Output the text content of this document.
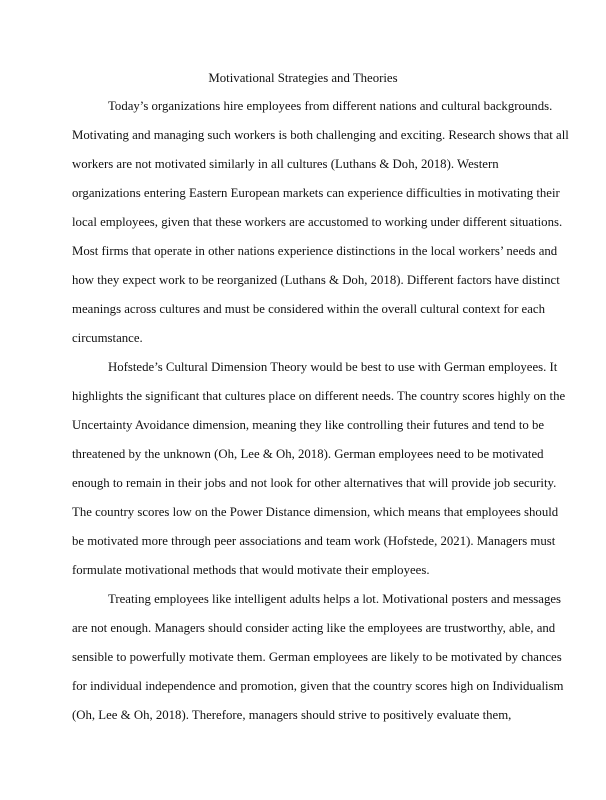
Motivational Strategies and Theories
Today’s organizations hire employees from different nations and cultural backgrounds.
Motivating and managing such workers is both challenging and exciting. Research shows that all
workers are not motivated similarly in all cultures (Luthans & Doh, 2018). Western
organizations entering Eastern European markets can experience difficulties in motivating their
local employees, given that these workers are accustomed to working under different situations.
Most firms that operate in other nations experience distinctions in the local workers’ needs and
how they expect work to be reorganized (Luthans & Doh, 2018). Different factors have distinct
meanings across cultures and must be considered within the overall cultural context for each
circumstance.
Hofstede’s Cultural Dimension Theory would be best to use with German employees. It
highlights the significant that cultures place on different needs. The country scores highly on the
Uncertainty Avoidance dimension, meaning they like controlling their futures and tend to be
threatened by the unknown (Oh, Lee & Oh, 2018). German employees need to be motivated
enough to remain in their jobs and not look for other alternatives that will provide job security.
The country scores low on the Power Distance dimension, which means that employees should
be motivated more through peer associations and team work (Hofstede, 2021). Managers must
formulate motivational methods that would motivate their employees.
Treating employees like intelligent adults helps a lot. Motivational posters and messages
are not enough. Managers should consider acting like the employees are trustworthy, able, and
sensible to powerfully motivate them. German employees are likely to be motivated by chances
for individual independence and promotion, given that the country scores high on Individualism
(Oh, Lee & Oh, 2018). Therefore, managers should strive to positively evaluate them,
